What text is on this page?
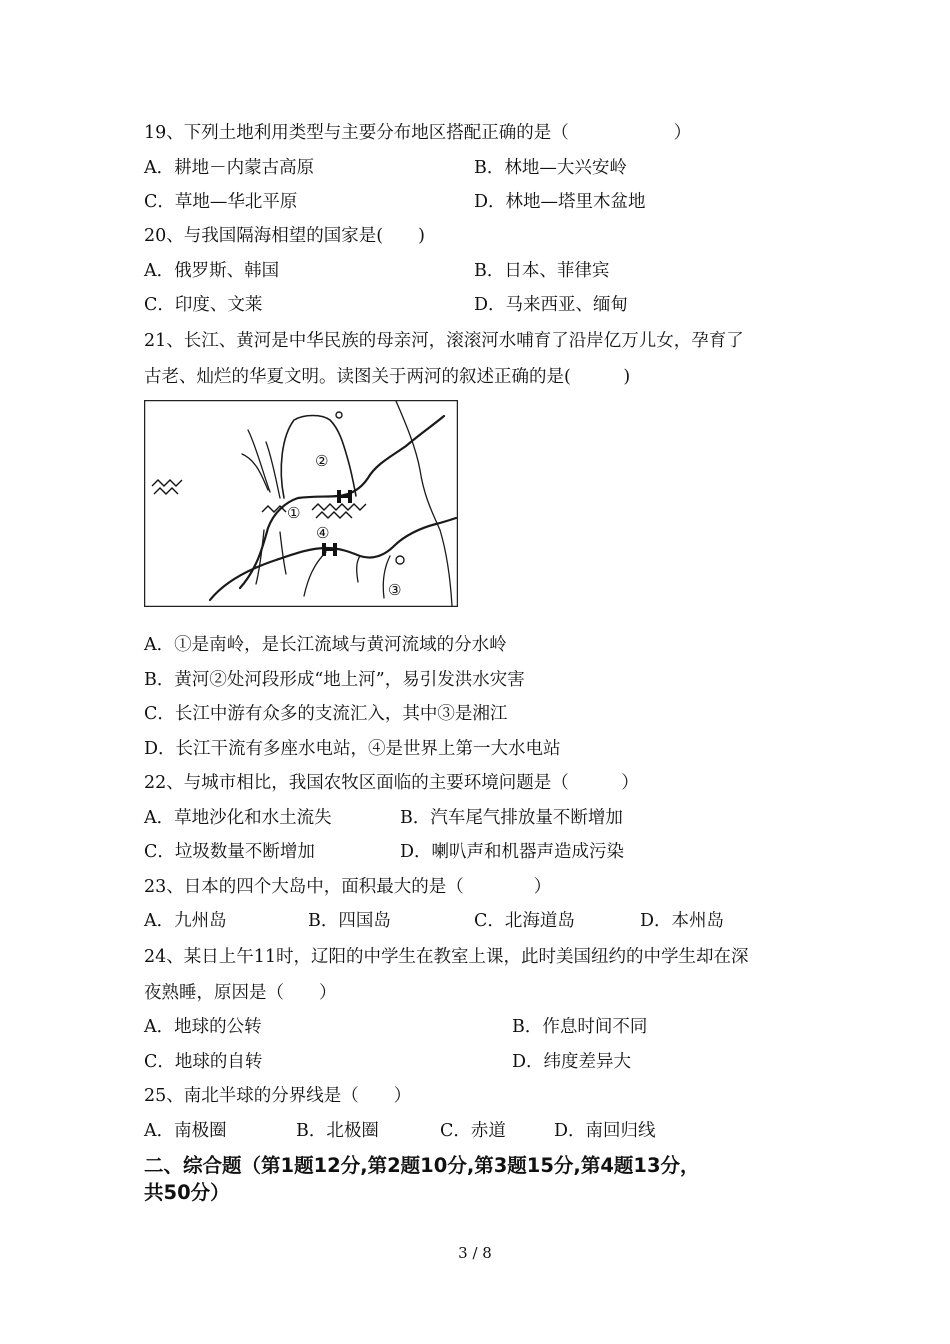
19、下列土地利用类型与主要分布地区搭配正确的是（　　　　　　）
A．耕地－内蒙古高原	B．林地—大兴安岭
C．草地—华北平原	D．林地—塔里木盆地
20、与我国隔海相望的国家是(　　)
A．俄罗斯、韩国	B．日本、菲律宾
C．印度、文莱	D．马来西亚、缅甸
21、长江、黄河是中华民族的母亲河，滚滚河水哺育了沿岸亿万儿女，孕育了
古老、灿烂的华夏文明。读图关于两河的叙述正确的是(　　　)
②
①
④
③
A．①是南岭，是长江流域与黄河流域的分水岭
B．黄河②处河段形成“地上河”，易引发洪水灾害
C．长江中游有众多的支流汇入，其中③是湘江
D．长江干流有多座水电站，④是世界上第一大水电站
22、与城市相比，我国农牧区面临的主要环境问题是（　　　）
A．草地沙化和水土流失	B．汽车尾气排放量不断增加
C．垃圾数量不断增加	D．喇叭声和机器声造成污染
23、日本的四个大岛中，面积最大的是（　　　　）
A．九州岛	B．四国岛	C．北海道岛	D．本州岛
24、某日上午11时，辽阳的中学生在教室上课，此时美国纽约的中学生却在深
夜熟睡，原因是（　　）
A．地球的公转	B．作息时间不同
C．地球的自转	D．纬度差异大
25、南北半球的分界线是（　　）
A．南极圈	B．北极圈	C．赤道	D．南回归线
二、综合题（第1题12分,第2题10分,第3题15分,第4题13分，
共50分）
3 / 8
